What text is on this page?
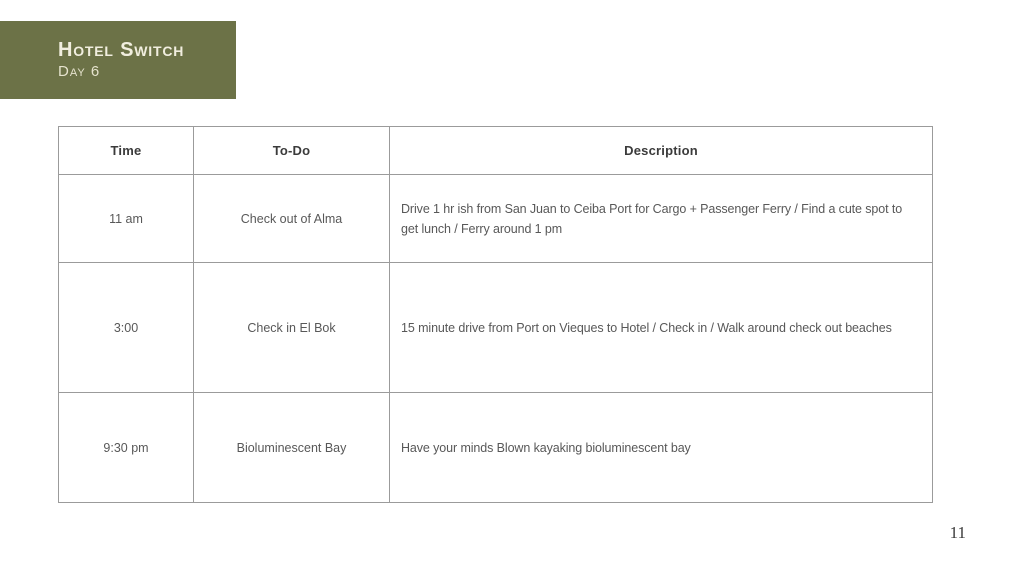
Hotel Switch
Day 6
Time	To-Do	Description
11 am	Check out of Alma	Drive 1 hr ish from San Juan to Ceiba Port for Cargo + Passenger Ferry / Find a cute spot to get lunch / Ferry around 1 pm
3:00	Check in El Bok	15 minute drive from Port on Vieques to Hotel / Check in / Walk around check out beaches
9:30 pm	Bioluminescent Bay	Have your minds Blown kayaking bioluminescent bay
11
